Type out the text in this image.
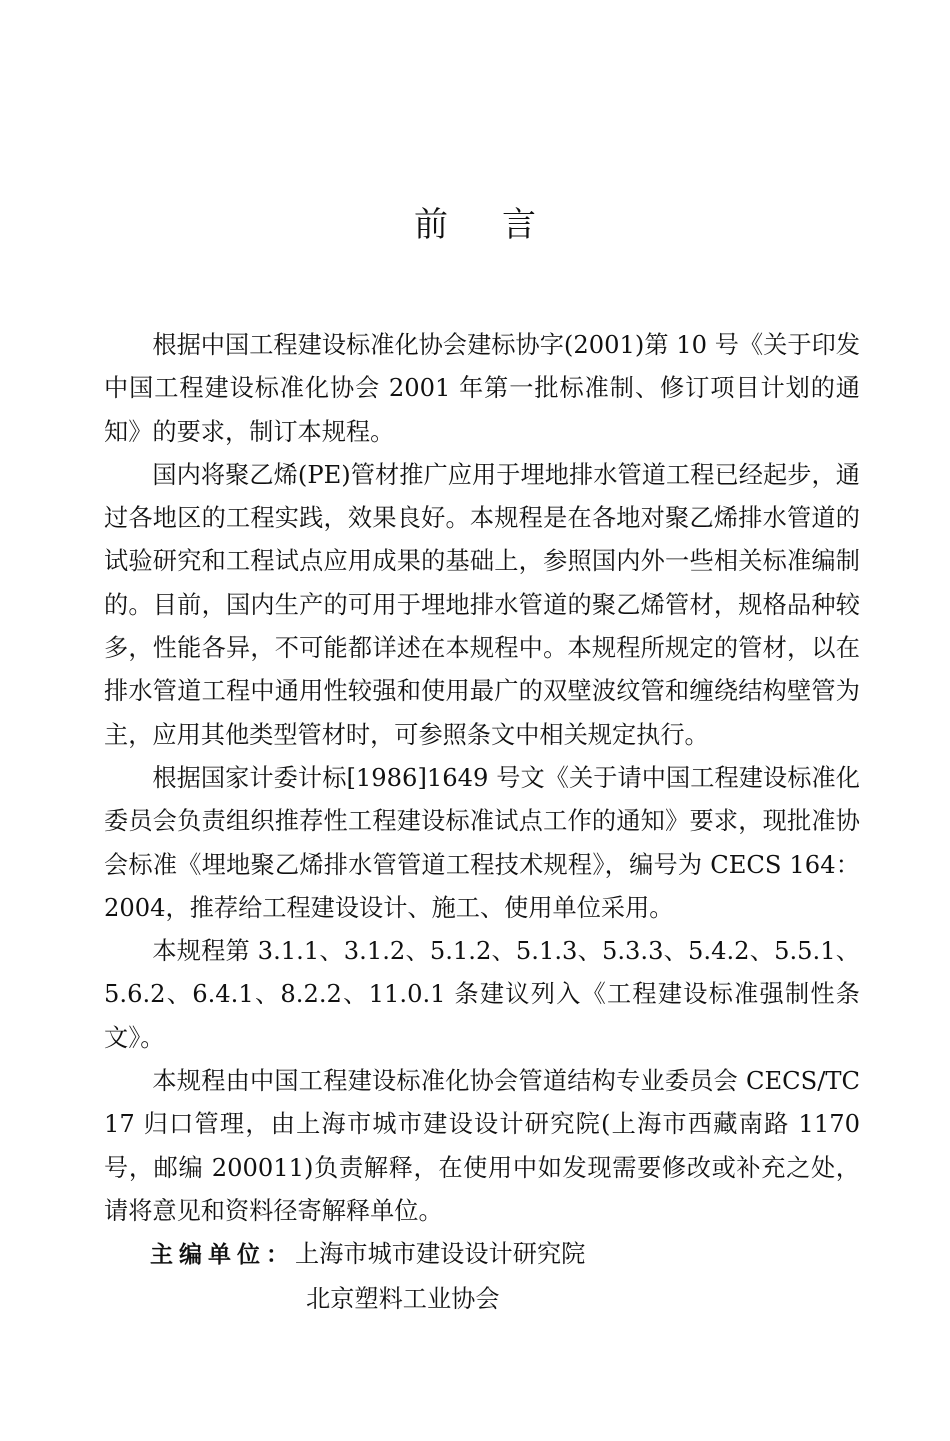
前言

根据中国工程建设标准化协会建标协字(2001)第 10 号《关于印发中国工程建设标准化协会 2001 年第一批标准制、修订项目计划的通知》的要求，制订本规程。

国内将聚乙烯(PE)管材推广应用于埋地排水管道工程已经起步，通过各地区的工程实践，效果良好。本规程是在各地对聚乙烯排水管道的试验研究和工程试点应用成果的基础上，参照国内外一些相关标准编制的。目前，国内生产的可用于埋地排水管道的聚乙烯管材，规格品种较多，性能各异，不可能都详述在本规程中。本规程所规定的管材，以在排水管道工程中通用性较强和使用最广的双壁波纹管和缠绕结构壁管为主，应用其他类型管材时，可参照条文中相关规定执行。

根据国家计委计标[1986]1649 号文《关于请中国工程建设标准化委员会负责组织推荐性工程建设标准试点工作的通知》要求，现批准协会标准《埋地聚乙烯排水管管道工程技术规程》，编号为 CECS 164：2004，推荐给工程建设设计、施工、使用单位采用。

本规程第 3.1.1、3.1.2、5.1.2、5.1.3、5.3.3、5.4.2、5.5.1、5.6.2、6.4.1、8.2.2、11.0.1 条建议列入《工程建设标准强制性条文》。

本规程由中国工程建设标准化协会管道结构专业委员会 CECS/TC17 归口管理，由上海市城市建设设计研究院(上海市西藏南路 1170 号，邮编 200011)负责解释，在使用中如发现需要修改或补充之处，请将意见和资料径寄解释单位。

主编单位：上海市城市建设设计研究院
北京塑料工业协会
